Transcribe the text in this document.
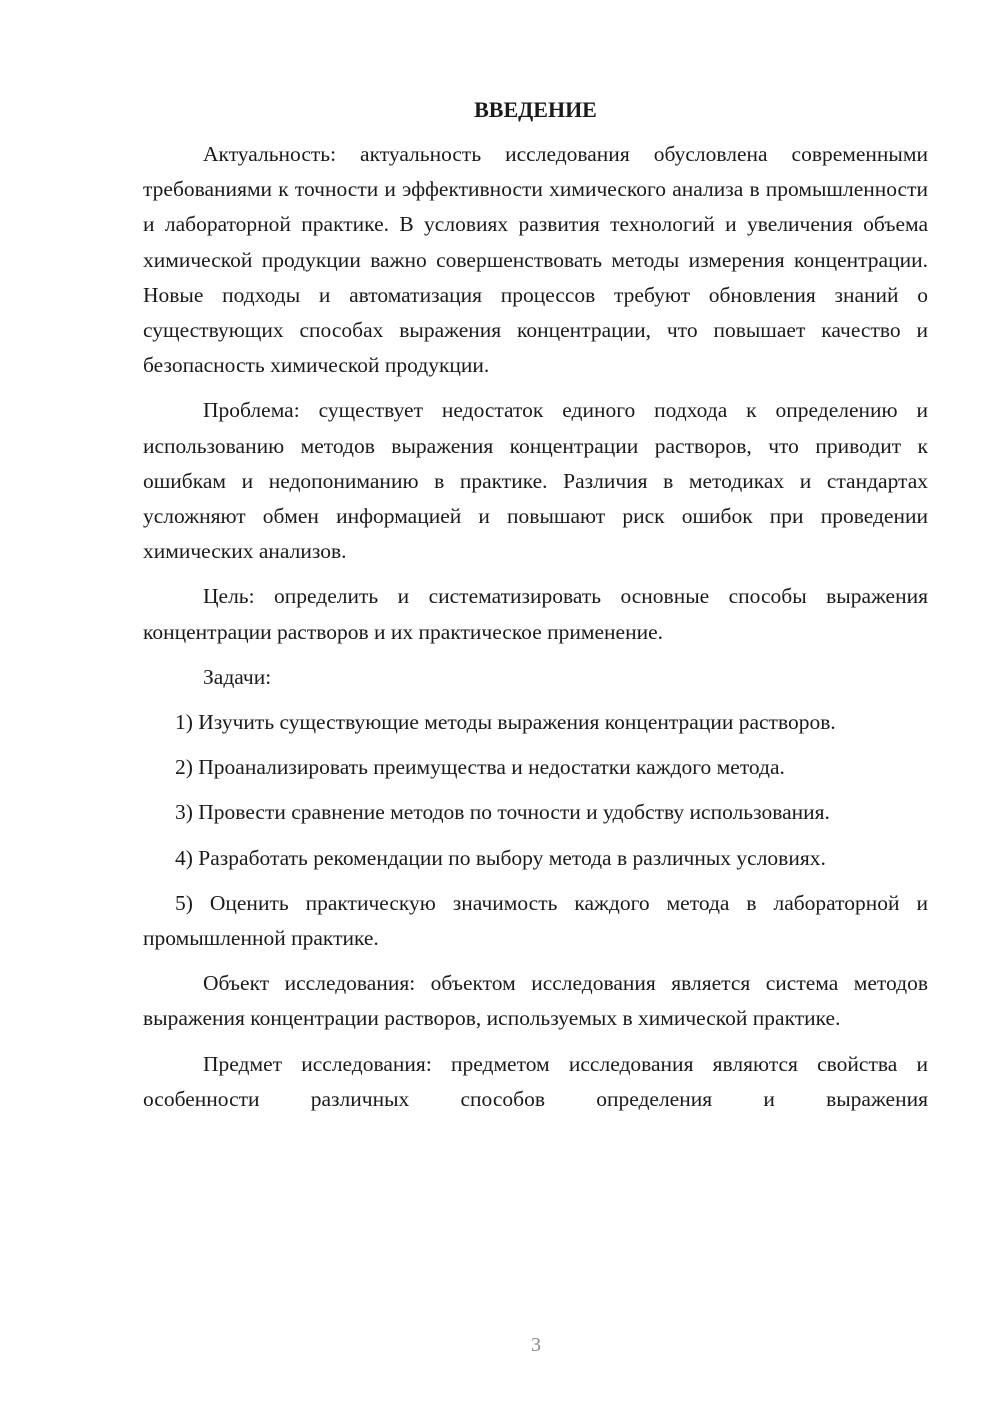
ВВЕДЕНИЕ

Актуальность: актуальность исследования обусловлена современными требованиями к точности и эффективности химического анализа в промышленности и лабораторной практике. В условиях развития технологий и увеличения объема химической продукции важно совершенствовать методы измерения концентрации. Новые подходы и автоматизация процессов требуют обновления знаний о существующих способах выражения концентрации, что повышает качество и безопасность химической продукции.

Проблема: существует недостаток единого подхода к определению и использованию методов выражения концентрации растворов, что приводит к ошибкам и недопониманию в практике. Различия в методиках и стандартах усложняют обмен информацией и повышают риск ошибок при проведении химических анализов.

Цель: определить и систематизировать основные способы выражения концентрации растворов и их практическое применение.

Задачи:

1) Изучить существующие методы выражения концентрации растворов.

2) Проанализировать преимущества и недостатки каждого метода.

3) Провести сравнение методов по точности и удобству использования.

4) Разработать рекомендации по выбору метода в различных условиях.

5) Оценить практическую значимость каждого метода в лабораторной и промышленной практике.

Объект исследования: объектом исследования является система методов выражения концентрации растворов, используемых в химической практике.

Предмет исследования: предметом исследования являются свойства и особенности различных способов определения и выражения

3
